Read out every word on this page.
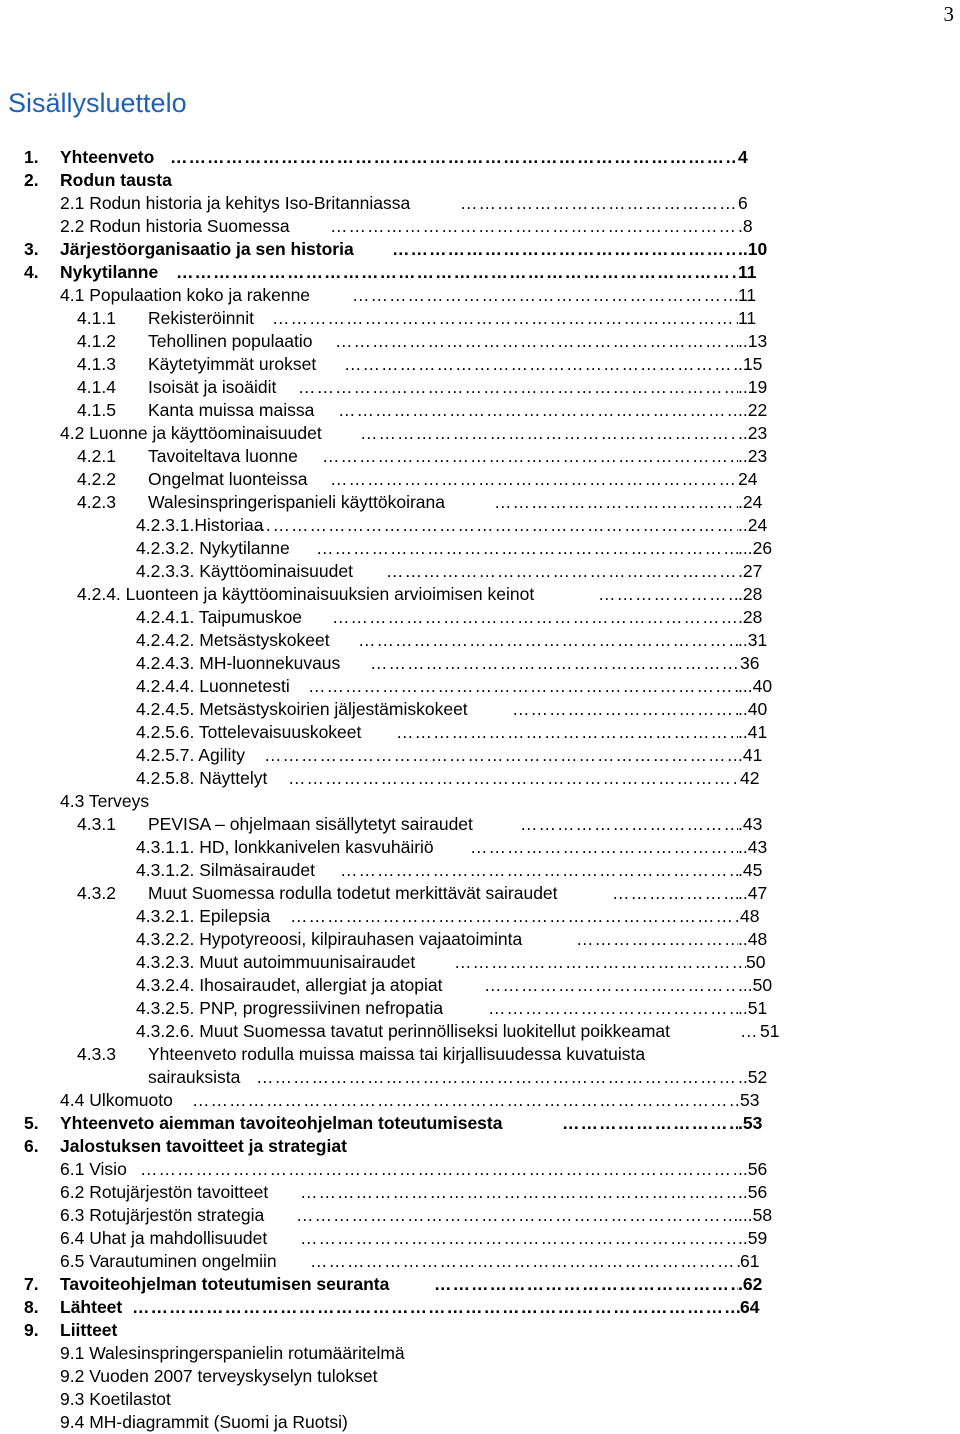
3
Sisällysluettelo
1. Yhteenveto ………………………………………………………………………………………………………………………………………………………………………………………………	4
2. Rodun tausta
2.1 Rodun historia ja kehitys Iso-Britanniassa ………………………………………………………………………………………………………………………………………………………………………………………………	6
2.2 Rodun historia Suomessa ………………………………………………………………………………………………………………………………………………………………………………………………	.8
3. Järjestöorganisaatio ja sen historia ………………………………………………………………………………………………………………………………………………………………………………………………	..10
4. Nykytilanne ………………………………………………………………………………………………………………………………………………………………………………………………	11
4.1 Populaation koko ja rakenne ………………………………………………………………………………………………………………………………………………………………………………………………	11
4.1.1 Rekisteröinnit ………………………………………………………………………………………………………………………………………………………………………………………………	11
4.1.2 Tehollinen populaatio ………………………………………………………………………………………………………………………………………………………………………………………………	..13
4.1.3 Käytetyimmät urokset ………………………………………………………………………………………………………………………………………………………………………………………………	.15
4.1.4 Isoisät ja isoäidit ………………………………………………………………………………………………………………………………………………………………………………………………	..19
4.1.5 Kanta muissa maissa ………………………………………………………………………………………………………………………………………………………………………………………………	..22
4.2 Luonne ja käyttöominaisuudet ………………………………………………………………………………………………………………………………………………………………………………………………	..23
4.2.1 Tavoiteltava luonne ………………………………………………………………………………………………………………………………………………………………………………………………	..23
4.2.2 Ongelmat luonteissa ………………………………………………………………………………………………………………………………………………………………………………………………	24
4.2.3 Walesinspringerispanieli käyttökoirana ………………………………………………………………………………………………………………………………………………………………………………………………	.24
4.2.3.1.Historiaa ………………………………………………………………………………………………………………………………………………………………………………………………	..24
4.2.3.2. Nykytilanne ………………………………………………………………………………………………………………………………………………………………………………………………	...26
4.2.3.3. Käyttöominaisuudet ………………………………………………………………………………………………………………………………………………………………………………………………	.27
4.2.4. Luonteen ja käyttöominaisuuksien arvioimisen keinot ………………………………………………………………………………………………………………………………………………………………………………………………	.28
4.2.4.1. Taipumuskoe ………………………………………………………………………………………………………………………………………………………………………………………………	.28
4.2.4.2. Metsästyskokeet ………………………………………………………………………………………………………………………………………………………………………………………………	..31
4.2.4.3. MH-luonnekuvaus ………………………………………………………………………………………………………………………………………………………………………………………………	36
4.2.4.4. Luonnetesti ………………………………………………………………………………………………………………………………………………………………………………………………	...40
4.2.4.5. Metsästyskoirien jäljestämiskokeet ………………………………………………………………………………………………………………………………………………………………………………………………	..40
4.2.5.6. Tottelevaisuuskokeet ………………………………………………………………………………………………………………………………………………………………………………………………	..41
4.2.5.7. Agility ………………………………………………………………………………………………………………………………………………………………………………………………	.41
4.2.5.8. Näyttelyt ………………………………………………………………………………………………………………………………………………………………………………………………	42
4.3 Terveys
4.3.1 PEVISA – ohjelmaan sisällytetyt sairaudet ………………………………………………………………………………………………………………………………………………………………………………………………	.43
4.3.1.1. HD, lonkkanivelen kasvuhäiriö ………………………………………………………………………………………………………………………………………………………………………………………………	..43
4.3.1.2. Silmäsairaudet ………………………………………………………………………………………………………………………………………………………………………………………………	.45
4.3.2 Muut Suomessa rodulla todetut merkittävät sairaudet ………………………………………………………………………………………………………………………………………………………………………………………………	..47
4.3.2.1. Epilepsia ………………………………………………………………………………………………………………………………………………………………………………………………	48
4.3.2.2. Hypotyreoosi, kilpirauhasen vajaatoiminta ………………………………………………………………………………………………………………………………………………………………………………………………	..48
4.3.2.3. Muut autoimmuunisairaudet ………………………………………………………………………………………………………………………………………………………………………………………………	50
4.3.2.4. Ihosairaudet, allergiat ja atopiat ………………………………………………………………………………………………………………………………………………………………………………………………	...50
4.3.2.5. PNP, progressiivinen nefropatia ………………………………………………………………………………………………………………………………………………………………………………………………	..51
4.3.2.6. Muut Suomessa tavatut perinnölliseksi luokitellut poikkeamat ………………………………………………………………………………………………………………………………………………………………………………………………	51
4.3.3 Yhteenveto rodulla muissa maissa tai kirjallisuudessa kuvatuista
sairauksista ………………………………………………………………………………………………………………………………………………………………………………………………	..52
4.4 Ulkomuoto ………………………………………………………………………………………………………………………………………………………………………………………………	53
5. Yhteenveto aiemman tavoiteohjelman toteutumisesta ………………………………………………………………………………………………………………………………………………………………………………………………	.53
6. Jalostuksen tavoitteet ja strategiat
6.1 Visio ………………………………………………………………………………………………………………………………………………………………………………………………	..56
6.2 Rotujärjestön tavoitteet ………………………………………………………………………………………………………………………………………………………………………………………………	..56
6.3 Rotujärjestön strategia ………………………………………………………………………………………………………………………………………………………………………………………………	...58
6.4 Uhat ja mahdollisuudet ………………………………………………………………………………………………………………………………………………………………………………………………	..59
6.5 Varautuminen ongelmiin ………………………………………………………………………………………………………………………………………………………………………………………………	61
7. Tavoiteohjelman toteutumisen seuranta ………………………………………………………………………………………………………………………………………………………………………………………………	.62
8. Lähteet ………………………………………………………………………………………………………………………………………………………………………………………………	64
9. Liitteet
9.1 Walesinspringerspanielin rotumääritelmä
9.2 Vuoden 2007 terveyskyselyn tulokset
9.3 Koetilastot
9.4 MH-diagrammit (Suomi ja Ruotsi)
